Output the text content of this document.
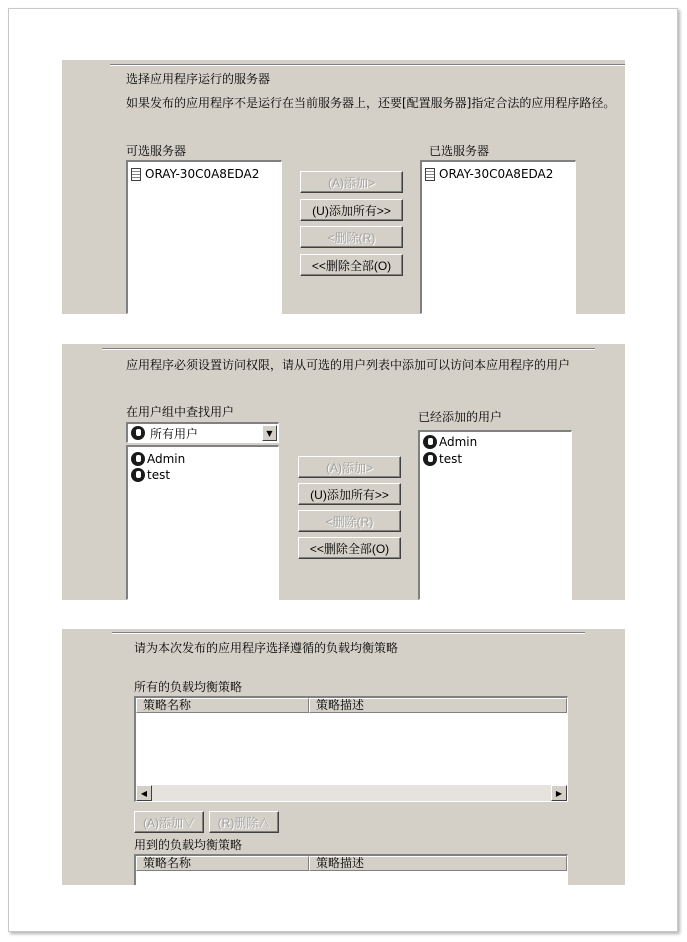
选择应用程序运行的服务器
如果发布的应用程序不是运行在当前服务器上，还要[配置服务器]指定合法的应用程序路径。
可选服务器
ORAY-30C0A8EDA2
(A)添加>
(U)添加所有>>
<删除(R)
<<删除全部(O)
已选服务器
ORAY-30C0A8EDA2
应用程序必须设置访问权限，请从可选的用户列表中添加可以访问本应用程序的用户
在用户组中查找用户
所有用户	▼
Admin
test
(A)添加>
(U)添加所有>>
<删除(R)
<<删除全部(O)
已经添加的用户
Admin
test
请为本次发布的应用程序选择遵循的负载均衡策略
所有的负载均衡策略
策略名称	策略描述
◀	▶
(A)添加∨	(R)删除∧
用到的负载均衡策略
策略名称	策略描述
